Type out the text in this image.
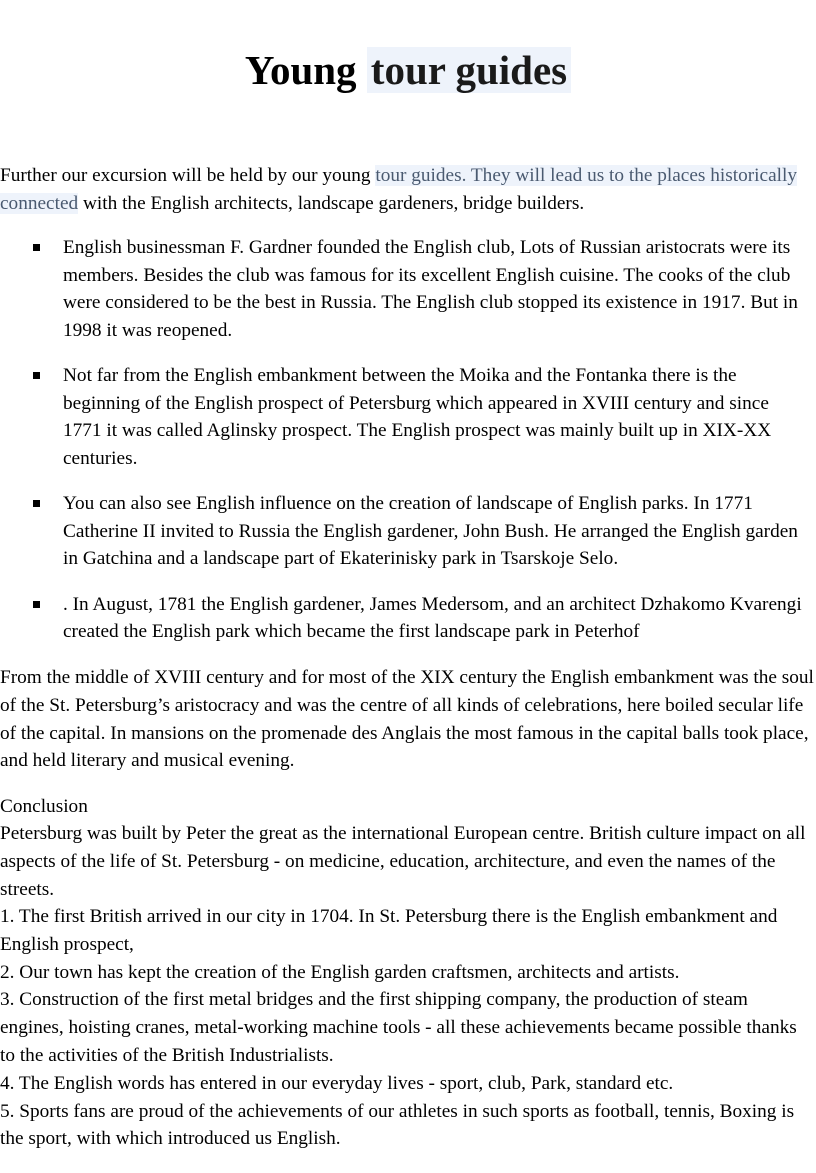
Young tour guides

Further our excursion will be held by our young tour guides. They will lead us to the places historically connected with the English architects, landscape gardeners, bridge builders.

English businessman F. Gardner founded the English club, Lots of Russian aristocrats were its members. Besides the club was famous for its excellent English cuisine. The cooks of the club were considered to be the best in Russia. The English club stopped its existence in 1917. But in 1998 it was reopened.
Not far from the English embankment between the Moika and the Fontanka there is the beginning of the English prospect of Petersburg which appeared in XVIII century and since 1771 it was called Aglinsky prospect. The English prospect was mainly built up in XIX-XX centuries.
You can also see English influence on the creation of landscape of English parks. In 1771 Catherine II invited to Russia the English gardener, John Bush. He arranged the English garden in Gatchina and a landscape part of Ekaterinisky park in Tsarskoje Selo.
. In August, 1781 the English gardener, James Medersom, and an architect Dzhakomo Kvarengi created the English park which became the first landscape park in Peterhof

From the middle of XVIII century and for most of the XIX century the English embankment was the soul of the St. Petersburg’s aristocracy and was the centre of all kinds of celebrations, here boiled secular life of the capital. In mansions on the promenade des Anglais the most famous in the capital balls took place, and held literary and musical evening.

Conclusion

Petersburg was built by Peter the great as the international European centre. British culture impact on all aspects of the life of St. Petersburg - on medicine, education, architecture, and even the names of the streets.

1. The first British arrived in our city in 1704. In St. Petersburg there is the English embankment and English prospect,
2. Our town has kept the creation of the English garden craftsmen, architects and artists.
3. Construction of the first metal bridges and the first shipping company, the production of steam engines, hoisting cranes, metal-working machine tools - all these achievements became possible thanks to the activities of the British Industrialists.
4. The English words has entered in our everyday lives - sport, club, Park, standard etc.
5. Sports fans are proud of the achievements of our athletes in such sports as football, tennis, Boxing is the sport, with which introduced us English.
